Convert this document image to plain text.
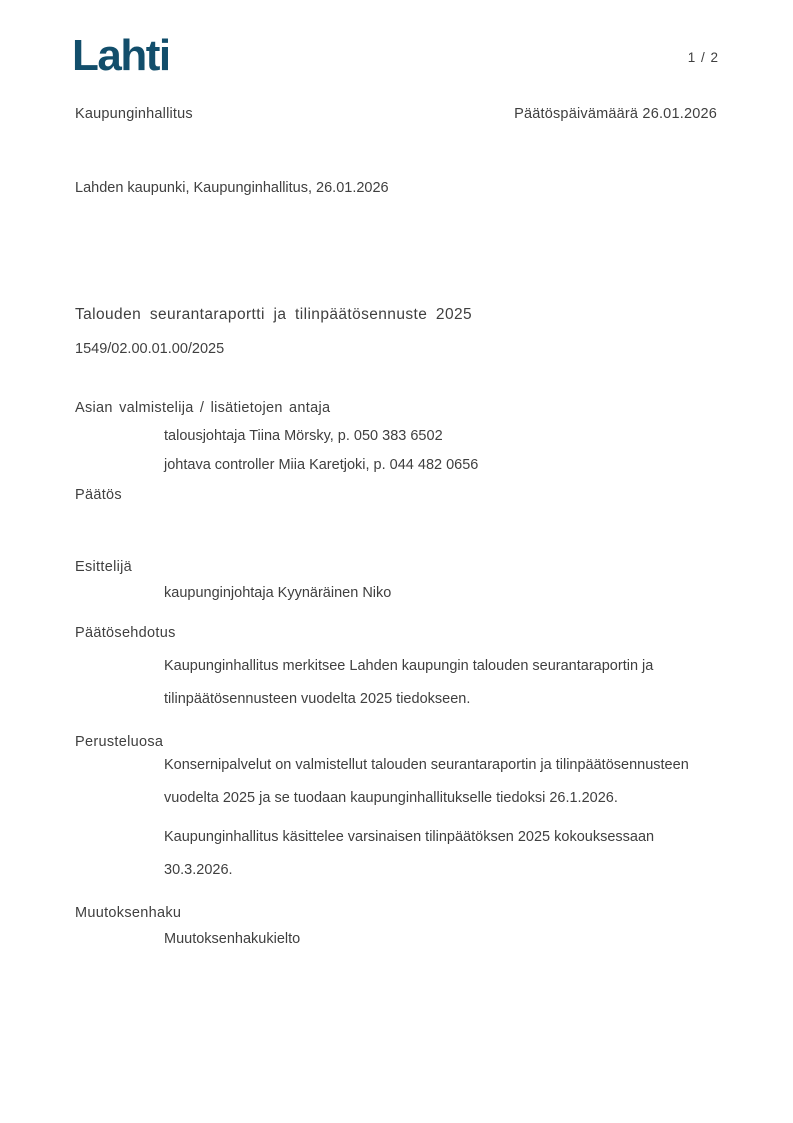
Lahti	1 / 2
Kaupunginhallitus	Päätöspäivämäärä 26.01.2026
Lahden kaupunki, Kaupunginhallitus, 26.01.2026
Talouden seurantaraportti ja tilinpäätösennuste 2025
1549/02.00.01.00/2025
Asian valmistelija / lisätietojen antaja
talousjohtaja Tiina Mörsky, p. 050 383 6502
johtava controller Miia Karetjoki, p. 044 482 0656
Päätös
Esittelijä
kaupunginjohtaja Kyynäräinen Niko
Päätösehdotus
Kaupunginhallitus merkitsee Lahden kaupungin talouden seurantaraportin ja tilinpäätösennusteen vuodelta 2025 tiedokseen.
Perusteluosa
Konsernipalvelut on valmistellut talouden seurantaraportin ja tilinpäätösennusteen vuodelta 2025 ja se tuodaan kaupunginhallitukselle tiedoksi 26.1.2026.
Kaupunginhallitus käsittelee varsinaisen tilinpäätöksen 2025 kokouksessaan 30.3.2026.
Muutoksenhaku
Muutoksenhakukielto
